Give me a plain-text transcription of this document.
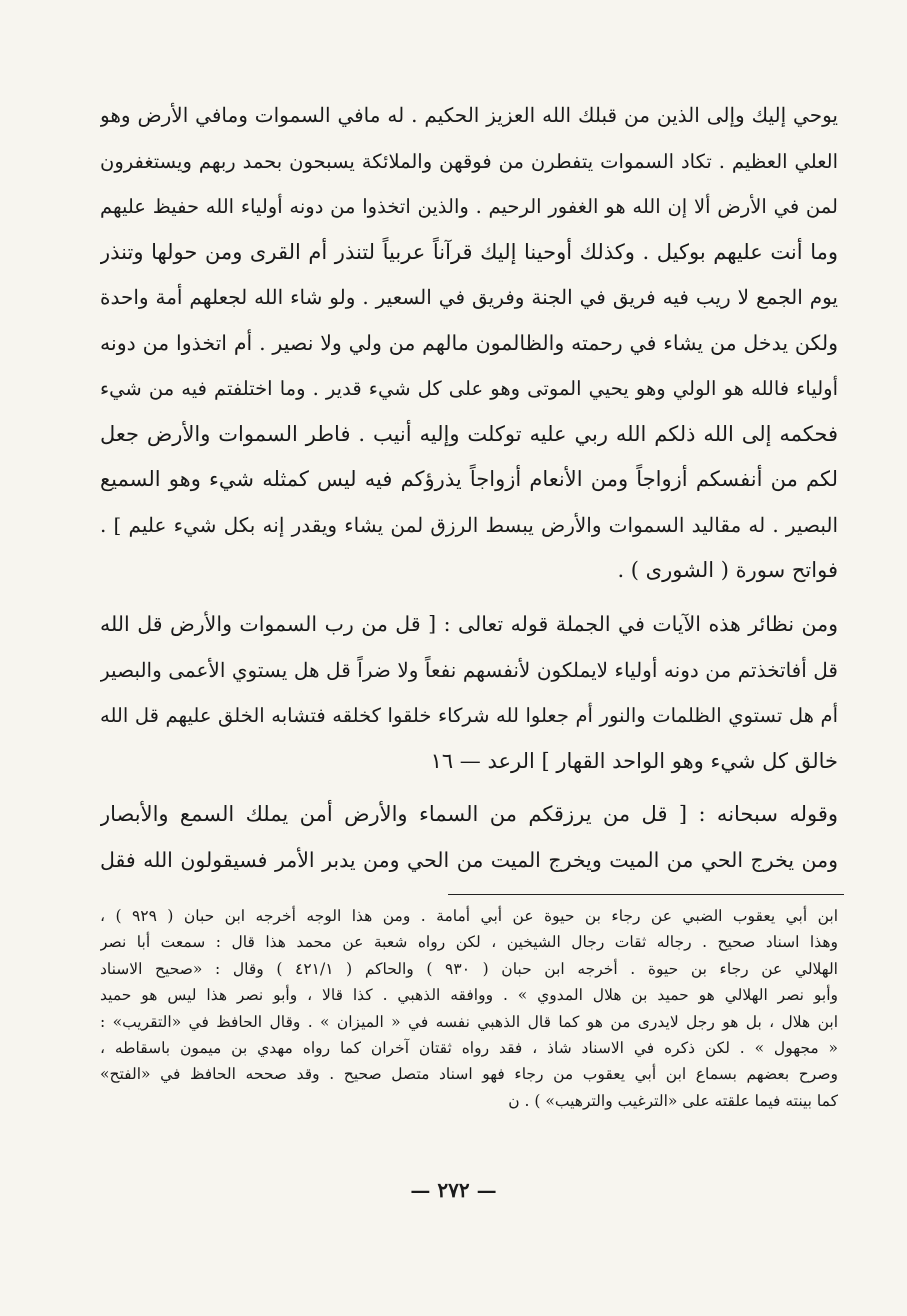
يوحي إليك وإلى الذين من قبلك الله العزيز الحكيم . له مافي السموات ومافي الأرض وهو
العلي العظيم . تكاد السموات يتفطرن من فوقهن والملائكة يسبحون بحمد ربهم ويستغفرون
لمن في الأرض ألا إن الله هو الغفور الرحيم . والذين اتخذوا من دونه أولياء الله حفيظ عليهم
وما أنت عليهم بوكيل . وكذلك أوحينا إليك قرآناً عربياً لتنذر أم القرى ومن حولها وتنذر
يوم الجمع لا ريب فيه فريق في الجنة وفريق في السعير . ولو شاء الله لجعلهم أمة واحدة
ولكن يدخل من يشاء في رحمته والظالمون مالهم من ولي ولا نصير . أم اتخذوا من دونه
أولياء فالله هو الولي وهو يحيي الموتى وهو على كل شيء قدير . وما اختلفتم فيه من شيء
فحكمه إلى الله ذلكم الله ربي عليه توكلت وإليه أنيب . فاطر السموات والأرض جعل
لكم من أنفسكم أزواجاً ومن الأنعام أزواجاً يذرؤكم فيه ليس كمثله شيء وهو السميع
البصير . له مقاليد السموات والأرض يبسط الرزق لمن يشاء ويقدر إنه بكل شيء عليم ] .
فواتح سورة ( الشورى ) .
ومن نظائر هذه الآيات في الجملة قوله تعالى : [ قل من رب السموات والأرض قل الله
قل أفاتخذتم من دونه أولياء لايملكون لأنفسهم نفعاً ولا ضراً قل هل يستوي الأعمى والبصير
أم هل تستوي الظلمات والنور أم جعلوا لله شركاء خلقوا كخلقه فتشابه الخلق عليهم قل الله
خالق كل شيء وهو الواحد القهار ] الرعد — ١٦
وقوله سبحانه : [ قل من يرزقكم من السماء والأرض أمن يملك السمع والأبصار
ومن يخرج الحي من الميت ويخرج الميت من الحي ومن يدبر الأمر فسيقولون الله فقل
ابن أبي يعقوب الضبي عن رجاء بن حيوة عن أبي أمامة . ومن هذا الوجه أخرجه ابن حبان ( ٩٢٩ ) ،
وهذا اسناد صحيح . رجاله ثقات رجال الشيخين ، لكن رواه شعبة عن محمد هذا قال : سمعت أبا نصر
الهلالي عن رجاء بن حيوة . أخرجه ابن حبان ( ٩٣٠ ) والحاكم ( ٤٢١/١ ) وقال : «صحيح الاسناد
وأبو نصر الهلالي هو حميد بن هلال المدوي » . ووافقه الذهبي . كذا قالا ، وأبو نصر هذا ليس هو حميد
ابن هلال ، بل هو رجل لايدرى من هو كما قال الذهبي نفسه في « الميزان » . وقال الحافظ في «التقريب» :
« مجهول » . لكن ذكره في الاسناد شاذ ، فقد رواه ثقتان آخران كما رواه مهدي بن ميمون باسقاطه ،
وصرح بعضهم بسماع ابن أبي يعقوب من رجاء فهو اسناد متصل صحيح . وقد صححه الحافظ في «الفتح»
كما بينته فيما علقته على «الترغيب والترهيب» ) . ن
— ٢٧٢ —
